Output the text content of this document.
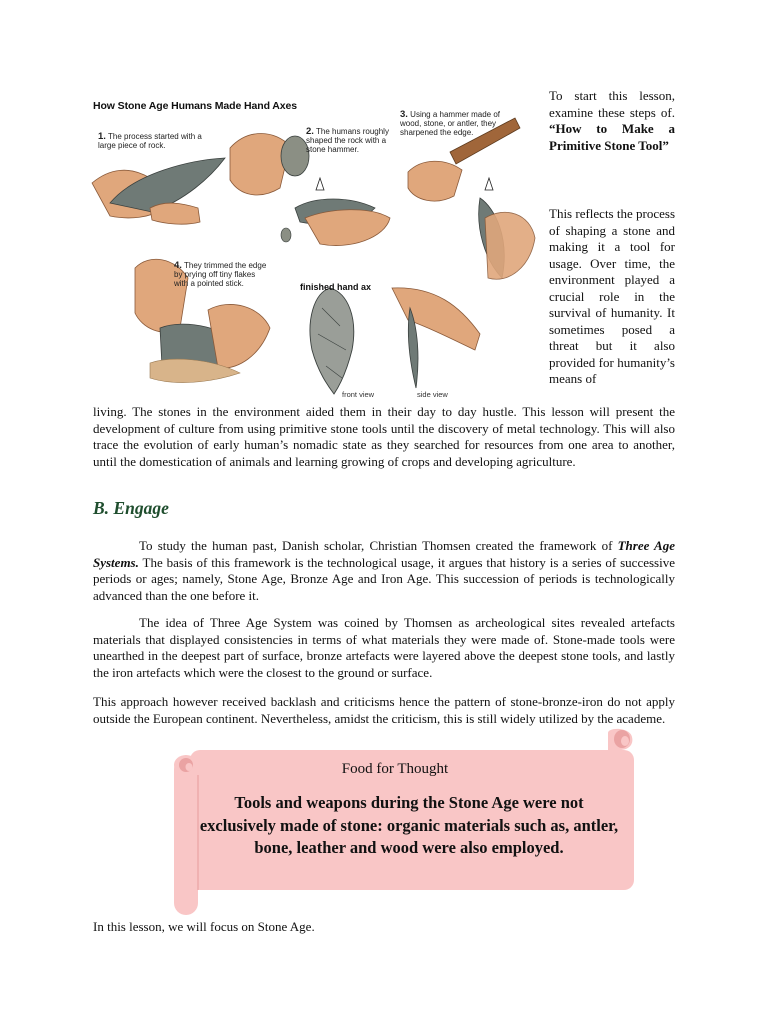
How Stone Age Humans Made Hand Axes
1. The process started with a large piece of rock.
2. The humans roughly shaped the rock with a stone hammer.
3. Using a hammer made of wood, stone, or antler, they sharpened the edge.
4. They trimmed the edge by prying off tiny flakes with a pointed stick.	finished hand ax
front view	side view
To start this lesson, examine these steps of. “How to Make a Primitive Stone Tool”
This reflects the process of shaping a stone and making it a tool for usage. Over time, the environment played a crucial role in the survival of humanity. It sometimes posed a threat but it also provided for humanity’s means of
living. The stones in the environment aided them in their day to day hustle. This lesson will present the development of culture from using primitive stone tools until the discovery of metal technology. This will also trace the evolution of early human’s nomadic state as they searched for resources from one area to another, until the domestication of animals and learning growing of crops and developing agriculture.
B. Engage
To study the human past, Danish scholar, Christian Thomsen created the framework of Three Age Systems. The basis of this framework is the technological usage, it argues that history is a series of successive periods or ages; namely, Stone Age, Bronze Age and Iron Age. This succession of periods is technologically advanced than the one before it.
The idea of Three Age System was coined by Thomsen as archeological sites revealed artefacts materials that displayed consistencies in terms of what materials they were made of. Stone-made tools were unearthed in the deepest part of surface, bronze artefacts were layered above the deepest stone tools, and lastly the iron artefacts which were the closest to the ground or surface.
This approach however received backlash and criticisms hence the pattern of stone-bronze-iron do not apply outside the European continent. Nevertheless, amidst the criticism, this is still widely utilized by the academe.
Food for Thought
Tools and weapons during the Stone Age were not exclusively made of stone: organic materials such as, antler, bone, leather and wood were also employed.
In this lesson, we will focus on Stone Age.
